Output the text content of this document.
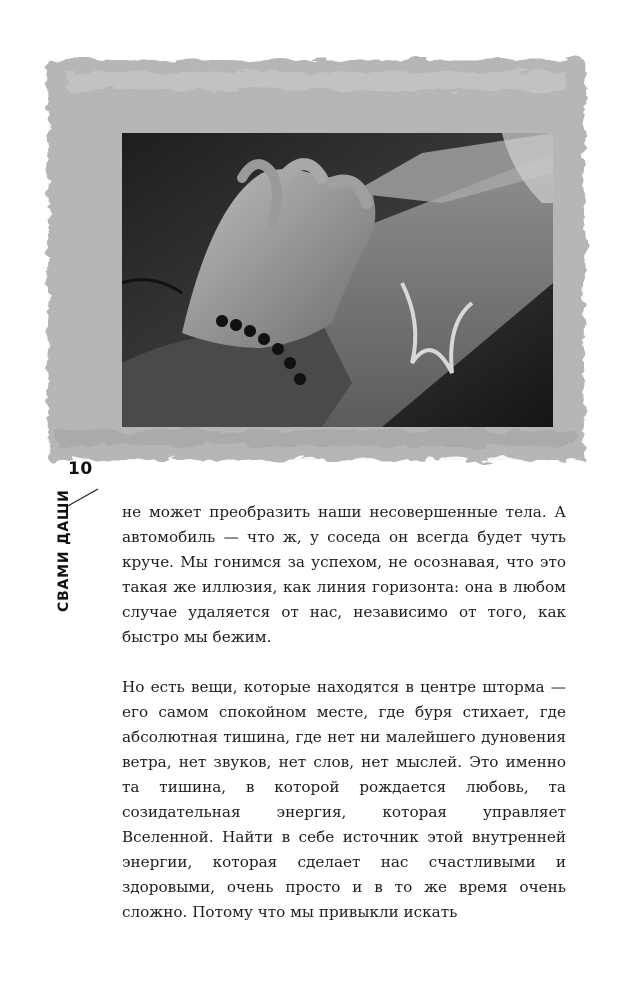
10
СВАМИ ДАШИ	не может преобразить наши несовершенные тела. А автомобиль — что ж, у соседа он всегда будет чуть круче. Мы гонимся за успехом, не осознавая, что это такая же иллюзия, как линия горизонта: она в любом случае удаляется от нас, независимо от того, как быстро мы бежим.

Но есть вещи, которые находятся в центре шторма — его самом спокойном месте, где буря стихает, где абсолютная тишина, где нет ни малейшего дуновения ветра, нет звуков, нет слов, нет мыслей. Это именно та тишина, в которой рождается любовь, та созидательная энергия, которая управляет Вселенной. Найти в себе источник этой внутренней энергии, которая сделает нас счастливыми и здоровыми, очень просто и в то же время очень сложно. Потому что мы привыкли искать
